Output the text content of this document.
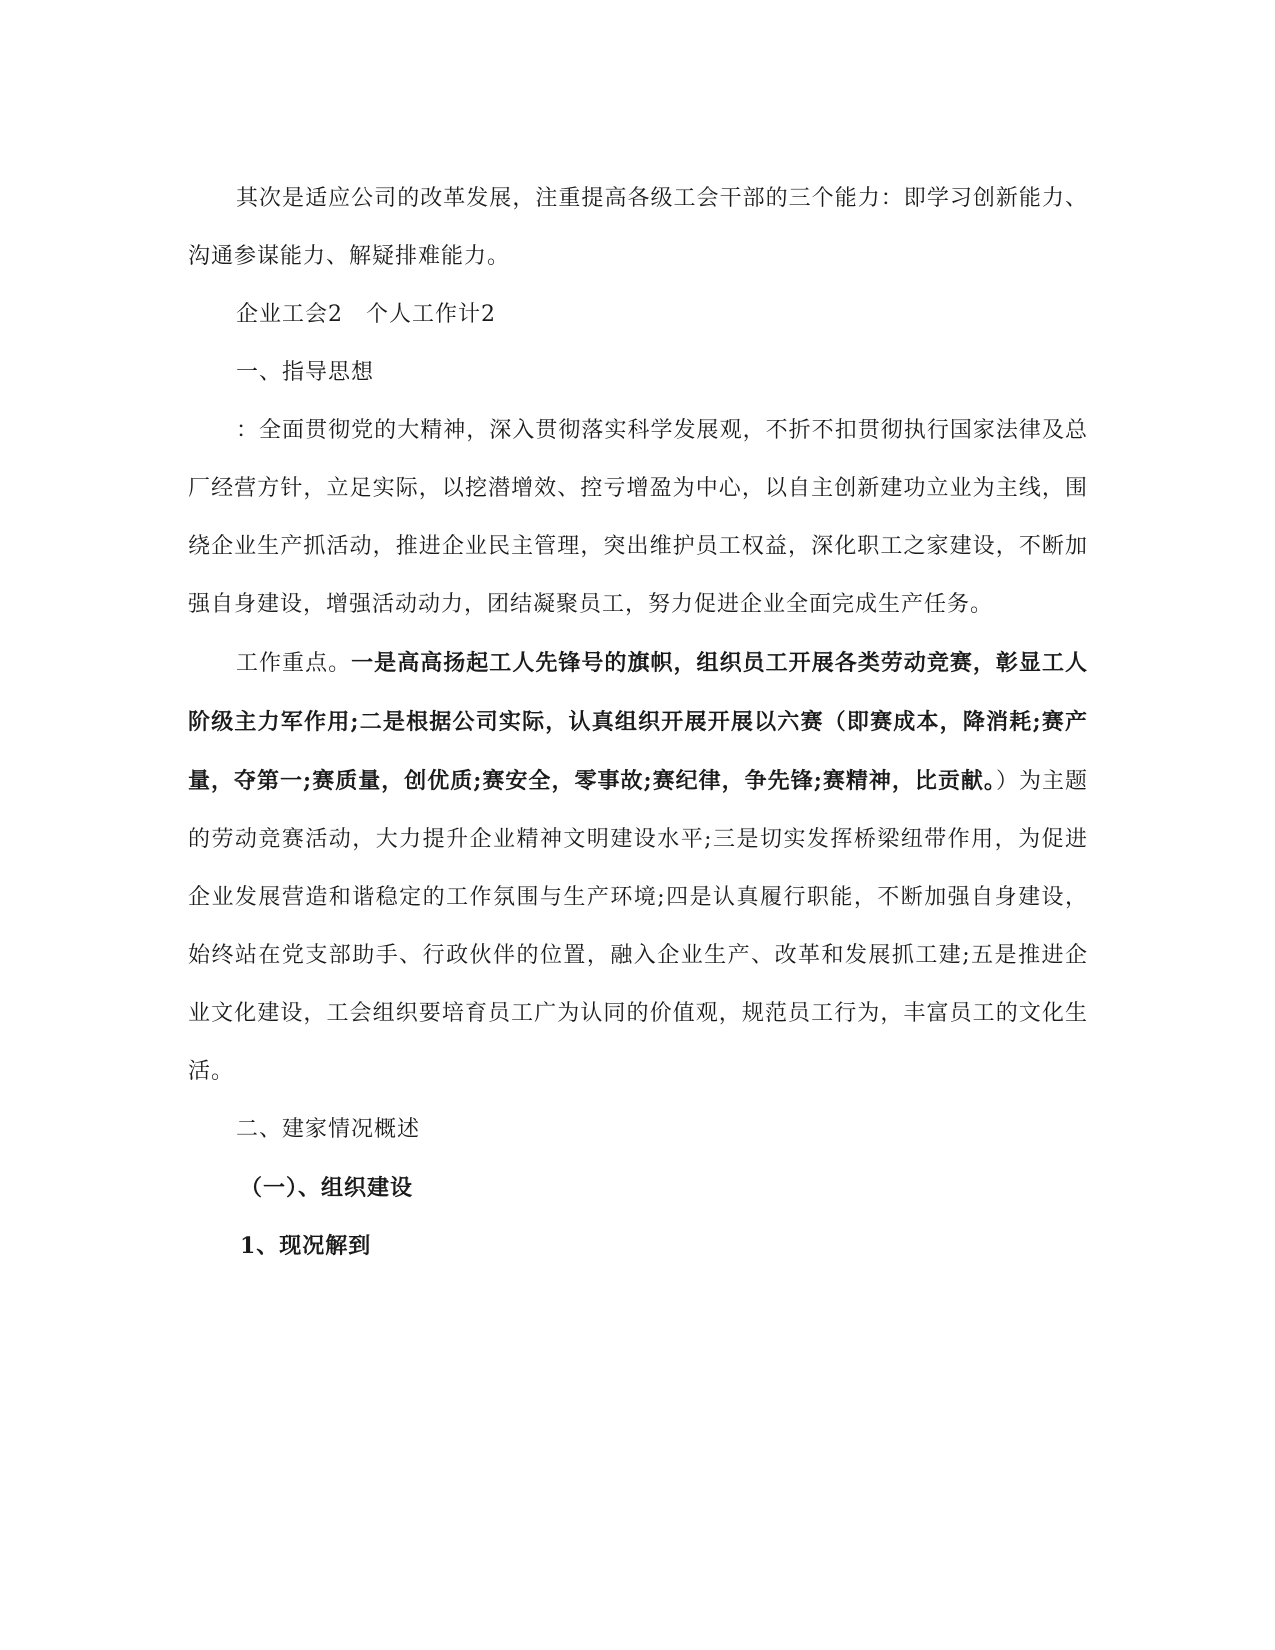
其次是适应公司的改革发展，注重提高各级工会干部的三个能力：即学习创新能力、沟通参谋能力、解疑排难能力。

企业工会2　个人工作计2

一、指导思想

：全面贯彻党的大精神，深入贯彻落实科学发展观，不折不扣贯彻执行国家法律及总厂经营方针，立足实际，以挖潜增效、控亏增盈为中心，以自主创新建功立业为主线，围绕企业生产抓活动，推进企业民主管理，突出维护员工权益，深化职工之家建设，不断加强自身建设，增强活动动力，团结凝聚员工，努力促进企业全面完成生产任务。

工作重点。一是高高扬起工人先锋号的旗帜，组织员工开展各类劳动竞赛，彰显工人阶级主力军作用;二是根据公司实际，认真组织开展开展以六赛（即赛成本，降消耗;赛产量，夺第一;赛质量，创优质;赛安全，零事故;赛纪律，争先锋;赛精神，比贡献。）为主题的劳动竞赛活动，大力提升企业精神文明建设水平;三是切实发挥桥梁纽带作用，为促进企业发展营造和谐稳定的工作氛围与生产环境;四是认真履行职能，不断加强自身建设，始终站在党支部助手、行政伙伴的位置，融入企业生产、改革和发展抓工建;五是推进企业文化建设，工会组织要培育员工广为认同的价值观，规范员工行为，丰富员工的文化生活。

二、建家情况概述

（一）、组织建设

1、现况解到
